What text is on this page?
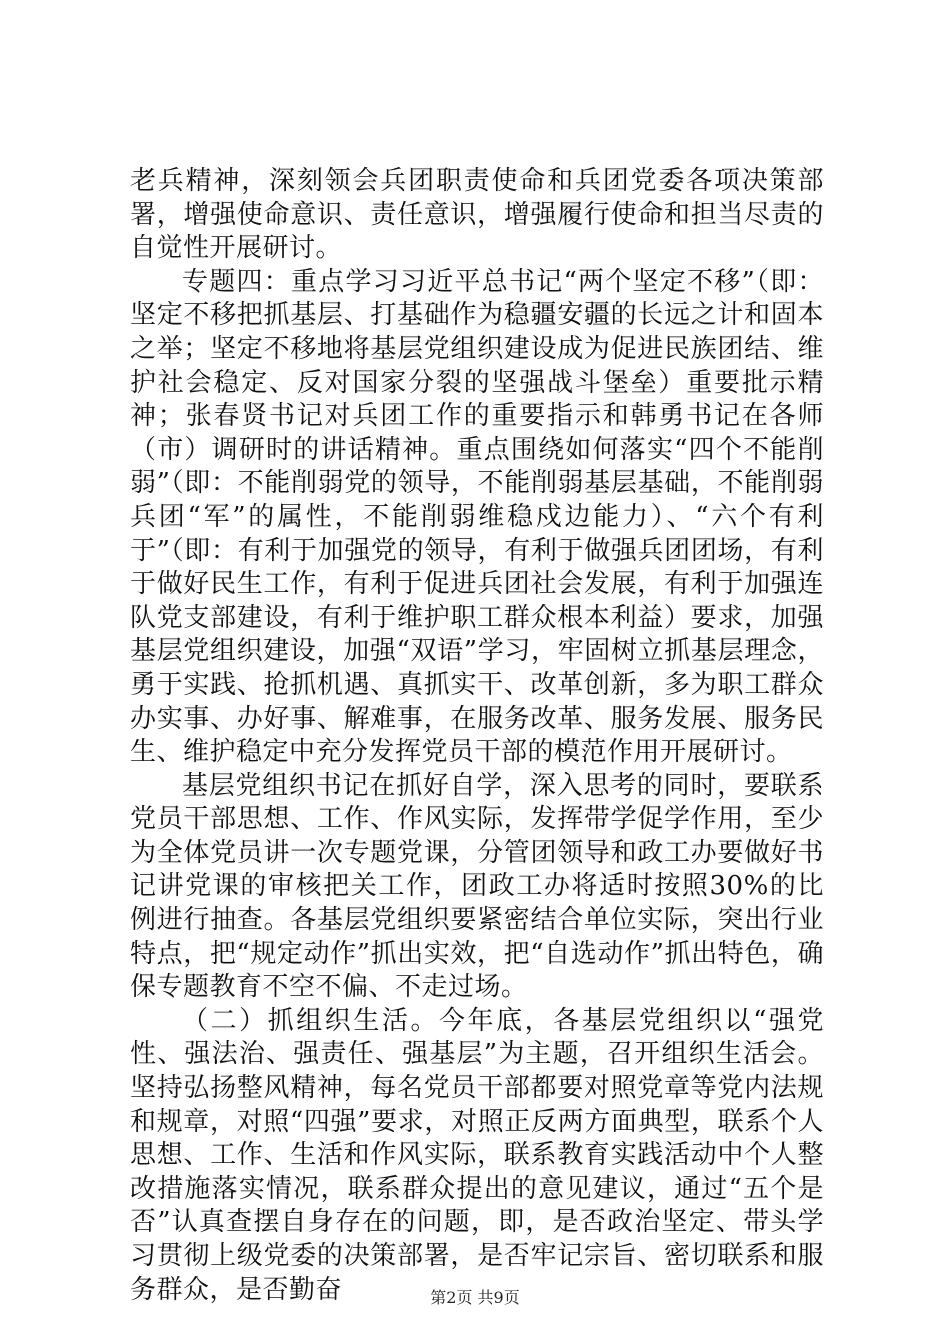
老兵精神，深刻领会兵团职责使命和兵团党委各项决策部署，增强使命意识、责任意识，增强履行使命和担当尽责的自觉性开展研讨。

专题四：重点学习习近平总书记“两个坚定不移”（即：坚定不移把抓基层、打基础作为稳疆安疆的长远之计和固本之举；坚定不移地将基层党组织建设成为促进民族团结、维护社会稳定、反对国家分裂的坚强战斗堡垒）重要批示精神；张春贤书记对兵团工作的重要指示和韩勇书记在各师（市）调研时的讲话精神。重点围绕如何落实“四个不能削弱”（即：不能削弱党的领导，不能削弱基层基础，不能削弱兵团“军”的属性，不能削弱维稳戍边能力）、“六个有利于”（即：有利于加强党的领导，有利于做强兵团团场，有利于做好民生工作，有利于促进兵团社会发展，有利于加强连队党支部建设，有利于维护职工群众根本利益）要求，加强基层党组织建设，加强“双语”学习，牢固树立抓基层理念，勇于实践、抢抓机遇、真抓实干、改革创新，多为职工群众办实事、办好事、解难事，在服务改革、服务发展、服务民生、维护稳定中充分发挥党员干部的模范作用开展研讨。

基层党组织书记在抓好自学，深入思考的同时，要联系党员干部思想、工作、作风实际，发挥带学促学作用，至少为全体党员讲一次专题党课，分管团领导和政工办要做好书记讲党课的审核把关工作，团政工办将适时按照30%的比例进行抽查。各基层党组织要紧密结合单位实际，突出行业特点，把“规定动作”抓出实效，把“自选动作”抓出特色，确保专题教育不空不偏、不走过场。

（二）抓组织生活。今年底，各基层党组织以“强党性、强法治、强责任、强基层”为主题，召开组织生活会。坚持弘扬整风精神，每名党员干部都要对照党章等党内法规和规章，对照“四强”要求，对照正反两方面典型，联系个人思想、工作、生活和作风实际，联系教育实践活动中个人整改措施落实情况，联系群众提出的意见建议，通过“五个是否”认真查摆自身存在的问题，即，是否政治坚定、带头学习贯彻上级党委的决策部署，是否牢记宗旨、密切联系和服务群众，是否勤奋	第2页 共9页
